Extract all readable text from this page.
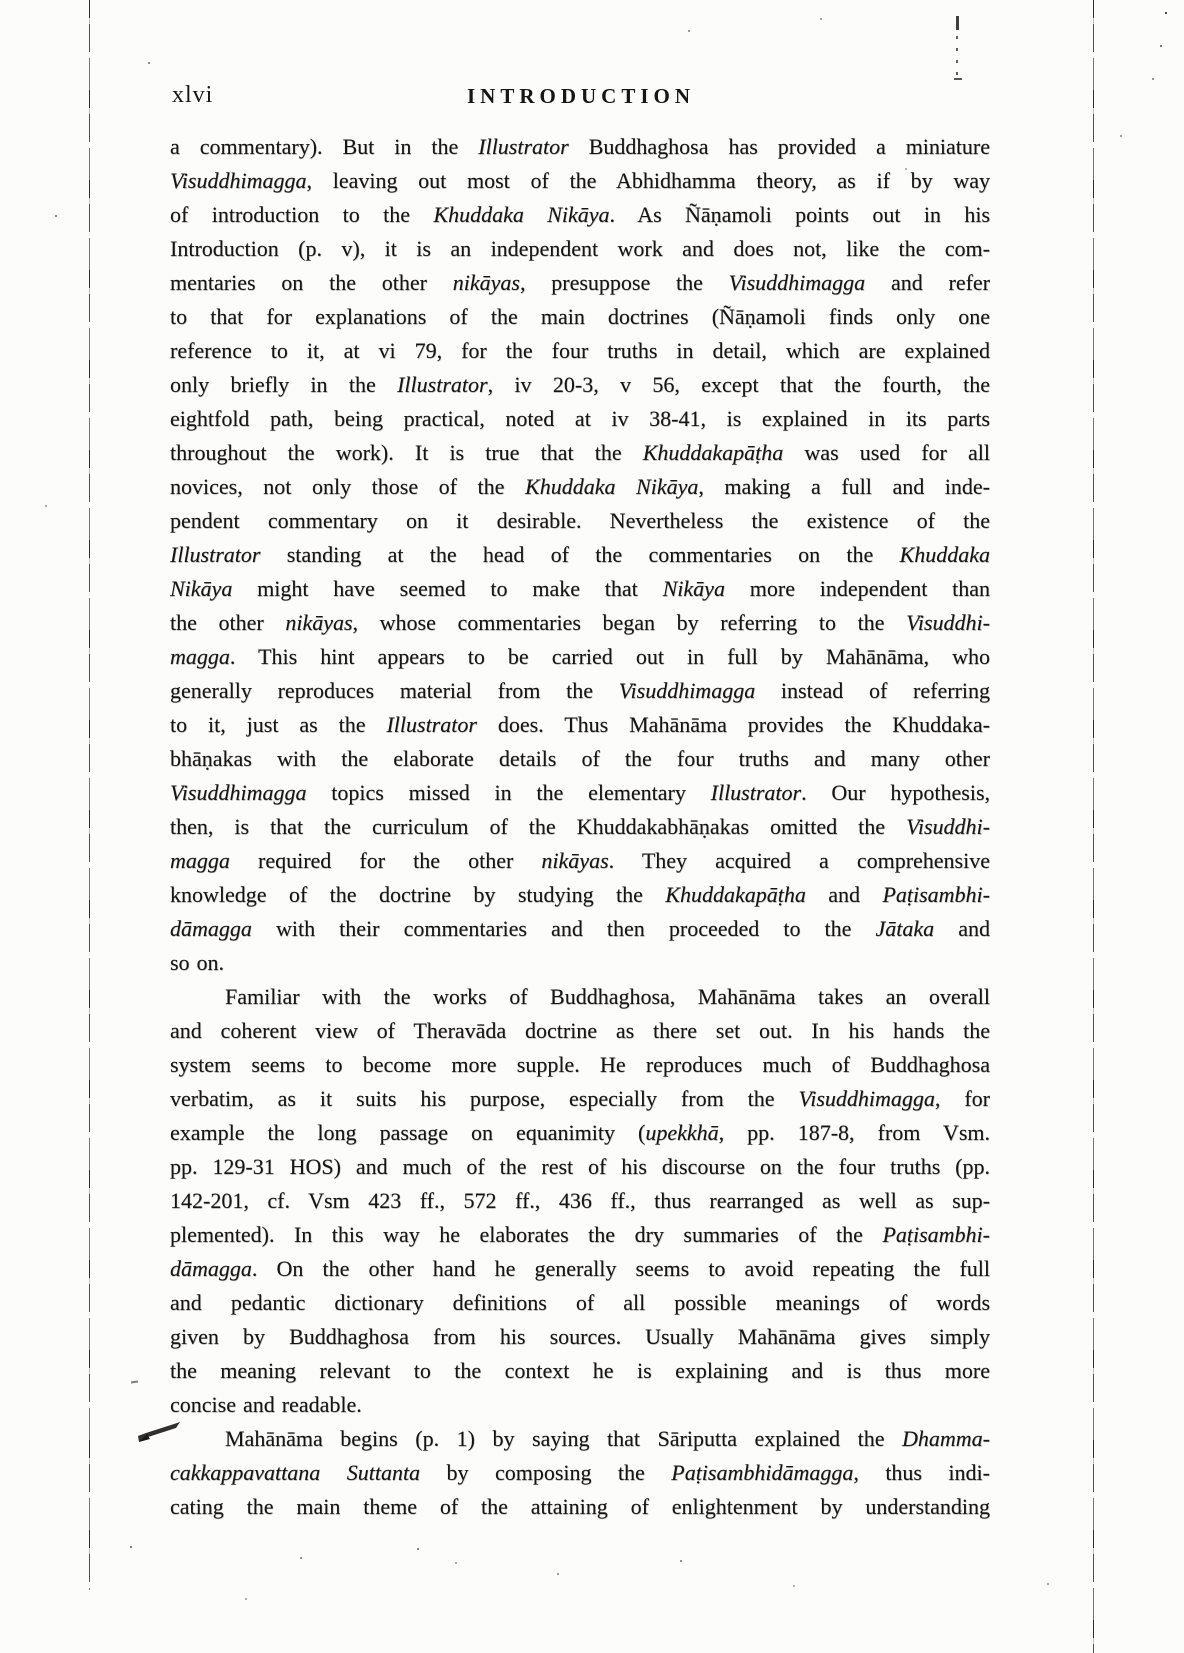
xlvi	INTRODUCTION
a commentary). But in the Illustrator Buddhaghosa has provided a miniature
Visuddhimagga, leaving out most of the Abhidhamma theory, as if by way
of introduction to the Khuddaka Nikāya. As Ñāṇamoli points out in his
Introduction (p. v), it is an independent work and does not, like the com-
mentaries on the other nikāyas, presuppose the Visuddhimagga and refer
to that for explanations of the main doctrines (Ñāṇamoli finds only one
reference to it, at vi 79, for the four truths in detail, which are explained
only briefly in the Illustrator, iv 20-3, v 56, except that the fourth, the
eightfold path, being practical, noted at iv 38-41, is explained in its parts
throughout the work). It is true that the Khuddakapāṭha was used for all
novices, not only those of the Khuddaka Nikāya, making a full and inde-
pendent commentary on it desirable. Nevertheless the existence of the
Illustrator standing at the head of the commentaries on the Khuddaka
Nikāya might have seemed to make that Nikāya more independent than
the other nikāyas, whose commentaries began by referring to the Visuddhi-
magga. This hint appears to be carried out in full by Mahānāma, who
generally reproduces material from the Visuddhimagga instead of referring
to it, just as the Illustrator does. Thus Mahānāma provides the Khuddaka-
bhāṇakas with the elaborate details of the four truths and many other
Visuddhimagga topics missed in the elementary Illustrator. Our hypothesis,
then, is that the curriculum of the Khuddakabhāṇakas omitted the Visuddhi-
magga required for the other nikāyas. They acquired a comprehensive
knowledge of the doctrine by studying the Khuddakapāṭha and Paṭisambhi-
dāmagga with their commentaries and then proceeded to the Jātaka and
so on.
Familiar with the works of Buddhaghosa, Mahānāma takes an overall
and coherent view of Theravāda doctrine as there set out. In his hands the
system seems to become more supple. He reproduces much of Buddhaghosa
verbatim, as it suits his purpose, especially from the Visuddhimagga, for
example the long passage on equanimity (upekkhā, pp. 187-8, from Vsm.
pp. 129-31 HOS) and much of the rest of his discourse on the four truths (pp.
142-201, cf. Vsm 423 ff., 572 ff., 436 ff., thus rearranged as well as sup-
plemented). In this way he elaborates the dry summaries of the Paṭisambhi-
dāmagga. On the other hand he generally seems to avoid repeating the full
and pedantic dictionary definitions of all possible meanings of words
given by Buddhaghosa from his sources. Usually Mahānāma gives simply
the meaning relevant to the context he is explaining and is thus more
concise and readable.
Mahānāma begins (p. 1) by saying that Sāriputta explained the Dhamma-
cakkappavattana Suttanta by composing the Paṭisambhidāmagga, thus indi-
cating the main theme of the attaining of enlightenment by understanding
